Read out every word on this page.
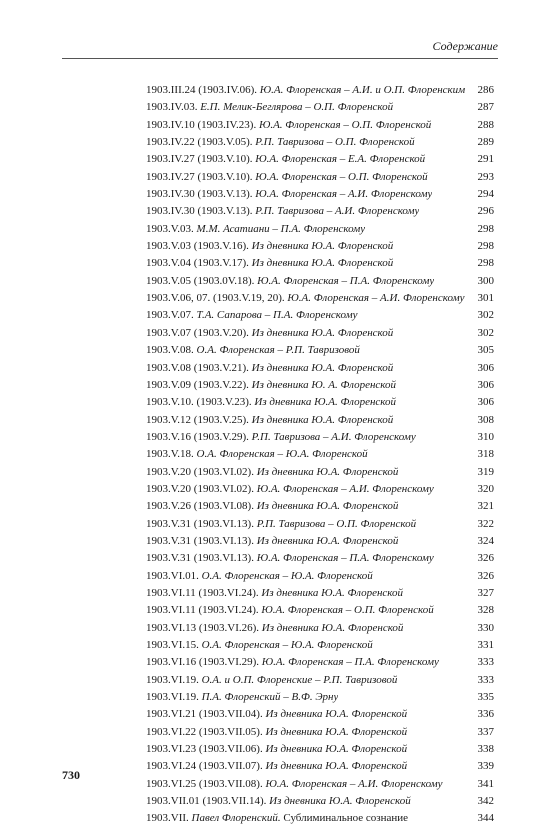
Содержание
1903.III.24 (1903.IV.06). Ю.А. Флоренская – А.И. и О.П. Флоренским	286
1903.IV.03. Е.П. Мелик-Беглярова – О.П. Флоренской	287
1903.IV.10 (1903.IV.23). Ю.А. Флоренская – О.П. Флоренской	288
1903.IV.22 (1903.V.05). Р.П. Тавризова – О.П. Флоренской	289
1903.IV.27 (1903.V.10). Ю.А. Флоренская – Е.А. Флоренской	291
1903.IV.27 (1903.V.10). Ю.А. Флоренская – О.П. Флоренской	293
1903.IV.30 (1903.V.13). Ю.А. Флоренская – А.И. Флоренскому	294
1903.IV.30 (1903.V.13). Р.П. Тавризова – А.И. Флоренскому	296
1903.V.03. М.М. Асатиани – П.А. Флоренскому	298
1903.V.03 (1903.V.16). Из дневника Ю.А. Флоренской	298
1903.V.04 (1903.V.17). Из дневника Ю.А. Флоренской	298
1903.V.05 (1903.0V.18). Ю.А. Флоренская – П.А. Флоренскому	300
1903.V.06, 07. (1903.V.19, 20). Ю.А. Флоренская – А.И. Флоренскому	301
1903.V.07. Т.А. Сапарова – П.А. Флоренскому	302
1903.V.07 (1903.V.20). Из дневника Ю.А. Флоренской	302
1903.V.08. О.А. Флоренская – Р.П. Тавризовой	305
1903.V.08 (1903.V.21). Из дневника Ю.А. Флоренской	306
1903.V.09 (1903.V.22). Из дневника Ю. А. Флоренской	306
1903.V.10. (1903.V.23). Из дневника Ю.А. Флоренской	306
1903.V.12 (1903.V.25). Из дневника Ю.А. Флоренской	308
1903.V.16 (1903.V.29). Р.П. Тавризова – А.И. Флоренскому	310
1903.V.18. О.А. Флоренская – Ю.А. Флоренской	318
1903.V.20 (1903.VI.02). Из дневника Ю.А. Флоренской	319
1903.V.20 (1903.VI.02). Ю.А. Флоренская – А.И. Флоренскому	320
1903.V.26 (1903.VI.08). Из дневника Ю.А. Флоренской	321
1903.V.31 (1903.VI.13). Р.П. Тавризова – О.П. Флоренской	322
1903.V.31 (1903.VI.13). Из дневника Ю.А. Флоренской	324
1903.V.31 (1903.VI.13). Ю.А. Флоренская – П.А. Флоренскому	326
1903.VI.01. О.А. Флоренская – Ю.А. Флоренской	326
1903.VI.11 (1903.VI.24). Из дневника Ю.А. Флоренской	327
1903.VI.11 (1903.VI.24). Ю.А. Флоренская – О.П. Флоренской	328
1903.VI.13 (1903.VI.26). Из дневника Ю.А. Флоренской	330
1903.VI.15. О.А. Флоренская – Ю.А. Флоренской	331
1903.VI.16 (1903.VI.29). Ю.А. Флоренская – П.А. Флоренскому	333
1903.VI.19. О.А. и О.П. Флоренские – Р.П. Тавризовой	333
1903.VI.19. П.А. Флоренский – В.Ф. Эрну	335
1903.VI.21 (1903.VII.04). Из дневника Ю.А. Флоренской	336
1903.VI.22 (1903.VII.05). Из дневника Ю.А. Флоренской	337
1903.VI.23 (1903.VII.06). Из дневника Ю.А. Флоренской	338
1903.VI.24 (1903.VII.07). Из дневника Ю.А. Флоренской	339
1903.VI.25 (1903.VII.08). Ю.А. Флоренская – А.И. Флоренскому	341
1903.VII.01 (1903.VII.14). Из дневника Ю.А. Флоренской	342
1903.VII. Павел Флоренский. Сублиминальное сознание	344
730
